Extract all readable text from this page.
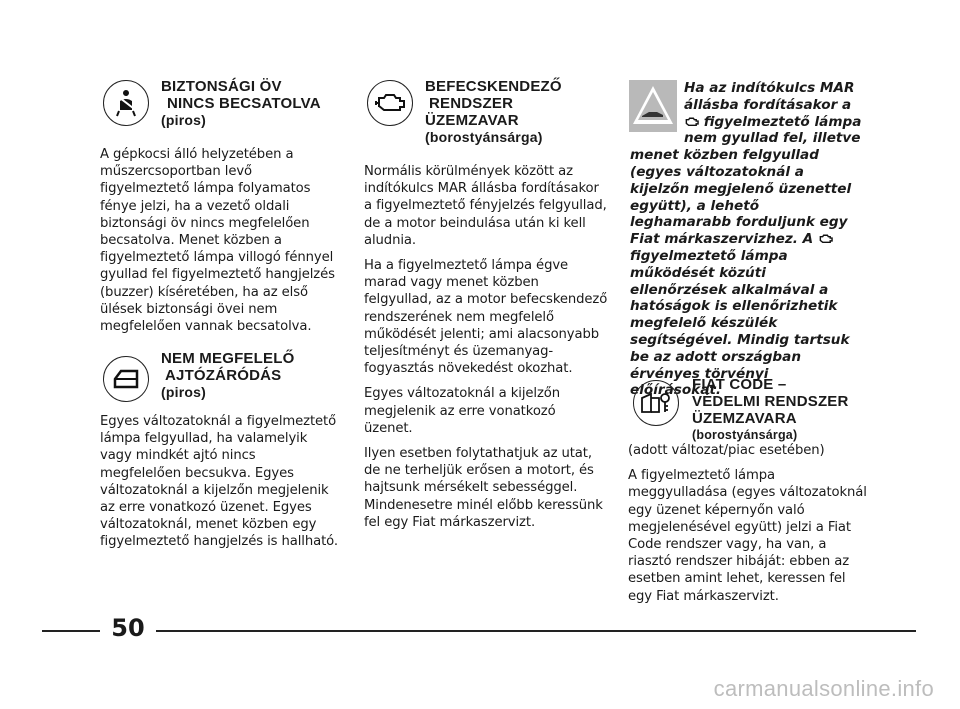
BIZTONSÁGI ÖV
NINCS BECSATOLVA
(piros)

A gépkocsi álló helyzetében a műszercsoportban levő figyelmeztető lámpa folyamatos fénye jelzi, ha a vezető oldali biztonsági öv nincs megfelelően becsatolva. Menet közben a figyelmeztető lámpa villogó fénnyel gyullad fel figyelmeztető hangjelzés (buzzer) kíséretében, ha az első ülések biztonsági övei nem megfelelően vannak becsatolva.

NEM MEGFELELŐ
AJTÓZÁRÓDÁS
(piros)

Egyes változatoknál a figyelmeztető lámpa felgyullad, ha valamelyik vagy mindkét ajtó nincs megfelelően becsukva. Egyes változatoknál a kijelzőn megjelenik az erre vonatkozó üzenet. Egyes változatoknál, menet közben egy figyelmeztető hangjelzés is hallható.

BEFECSKENDEZŐ
RENDSZER
ÜZEMZAVAR
(borostyánsárga)

Normális körülmények között az indítókulcs MAR állásba fordításakor a figyelmeztető fényjelzés felgyullad, de a motor beindulása után ki kell aludnia.

Ha a figyelmeztető lámpa égve marad vagy menet közben felgyullad, az a motor befecskendező rendszerének nem megfelelő működését jelenti; ami alacsonyabb teljesítményt és üzemanyag-fogyasztás növekedést okozhat.

Egyes változatoknál a kijelzőn megjelenik az erre vonatkozó üzenet.

Ilyen esetben folytathatjuk az utat, de ne terheljük erősen a motort, és hajtsunk mérsékelt sebességgel. Mindenesetre minél előbb keressünk fel egy Fiat márkaszervizt.

Ha az indítókulcs MAR állásba fordításakor a  figyelmeztető lámpa nem gyullad fel, illetve menet közben felgyullad (egyes változatoknál a kijelzőn megjelenő üzenettel együtt), a lehető leghamarabb forduljunk egy Fiat márkaszervizhez. A  figyelmeztető lámpa működését közúti ellenőrzések alkalmával a hatóságok is ellenőrizhetik megfelelő készülék segítségével. Mindig tartsuk be az adott országban érvényes törvényi előírásokat.
FIAT CODE –
VÉDELMI RENDSZER
ÜZEMZAVARA
(borostyánsárga)

(adott változat/piac esetében)

A figyelmeztető lámpa meggyulladása (egyes változatoknál egy üzenet képernyőn való megjelenésével együtt) jelzi a Fiat Code rendszer vagy, ha van, a riasztó rendszer hibáját: ebben az esetben amint lehet, keressen fel egy Fiat márkaszervizt.

50
carmanualsonline.info
